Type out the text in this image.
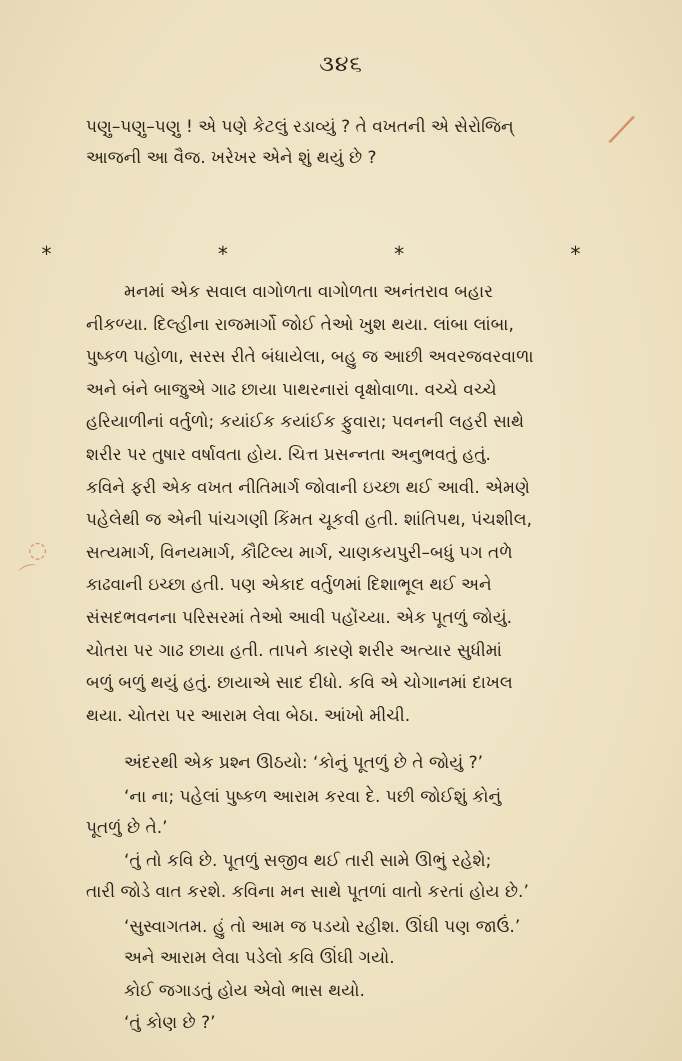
૩૪૬
પણુ–પણુ–પણુ ! એ પણે કેટલું રડાવ્યું ? તે વખતની એ સેરોજિન્
આજની આ વૈજ. ખરેખર એને શું થયું છે ?
*	*	*	*
મનમાં એક સવાલ વાગોળતા વાગોળતા અનંતરાવ બહાર
નીકળ્યા. દિલ્હીના રાજમાર્ગો જોઈ તેઓ ખુશ થયા. લાંબા લાંબા,
પુષ્કળ પહોળા, સરસ રીતે બંધાયેલા, બહુ જ આછી અવરજવરવાળા
અને બંને બાજુએ ગાઢ છાયા પાથરનારાં વૃક્ષોવાળા. વચ્ચે વચ્ચે
હરિયાળીનાં વર્તુળો; કયાંઈક કયાંઈક ફુવારા; પવનની લહરી સાથે
શરીર પર તુષાર વર્ષાવતા હોય. ચિત્ત પ્રસન્નતા અનુભવતું હતું.
કવિને ફરી એક વખત નીતિમાર્ગ જોવાની ઇચ્છા થઈ આવી. એમણે
પહેલેથી જ એની પાંચગણી કિંમત ચૂકવી હતી. શાંતિપથ, પંચશીલ,
સત્યમાર્ગ, વિનયમાર્ગ, કૌટિલ્ય માર્ગ, ચાણકયપુરી–બધું પગ તળે
કાઢવાની ઇચ્છા હતી. પણ એકાદ વર્તુળમાં દિશાભૂલ થઈ અને
સંસદભવનના પરિસરમાં તેઓ આવી પહોંચ્યા. એક પૂતળું જોયું.
ચોતરા પર ગાઢ છાયા હતી. તાપને કારણે શરીર અત્યાર સુધીમાં
બળું બળું થયું હતું. છાયાએ સાદ દીધો. કવિ એ ચોગાનમાં દાખલ
થયા. ચોતરા પર આરામ લેવા બેઠા. આંખો મીચી.
અંદરથી એક પ્રશ્ન ઊઠયો: ‘કોનું પૂતળું છે તે જોયું ?’
‘ના ના; પહેલાં પુષ્કળ આરામ કરવા દે. પછી જોઈશું કોનું
પૂતળું છે તે.’
‘તું તો કવિ છે. પૂતળું સજીવ થઈ તારી સામે ઊભું રહેશે;
તારી જોડે વાત કરશે. કવિના મન સાથે પૂતળાં વાતો કરતાં હોય છે.’
‘સુસ્વાગતમ. હું તો આમ જ પડયો રહીશ. ઊંઘી પણ જાઉં.’
અને આરામ લેવા પડેલો કવિ ઊંઘી ગયો.
કોઈ જગાડતું હોય એવો ભાસ થયો.
‘તું કોણ છે ?’
⁄
◌
⌒
